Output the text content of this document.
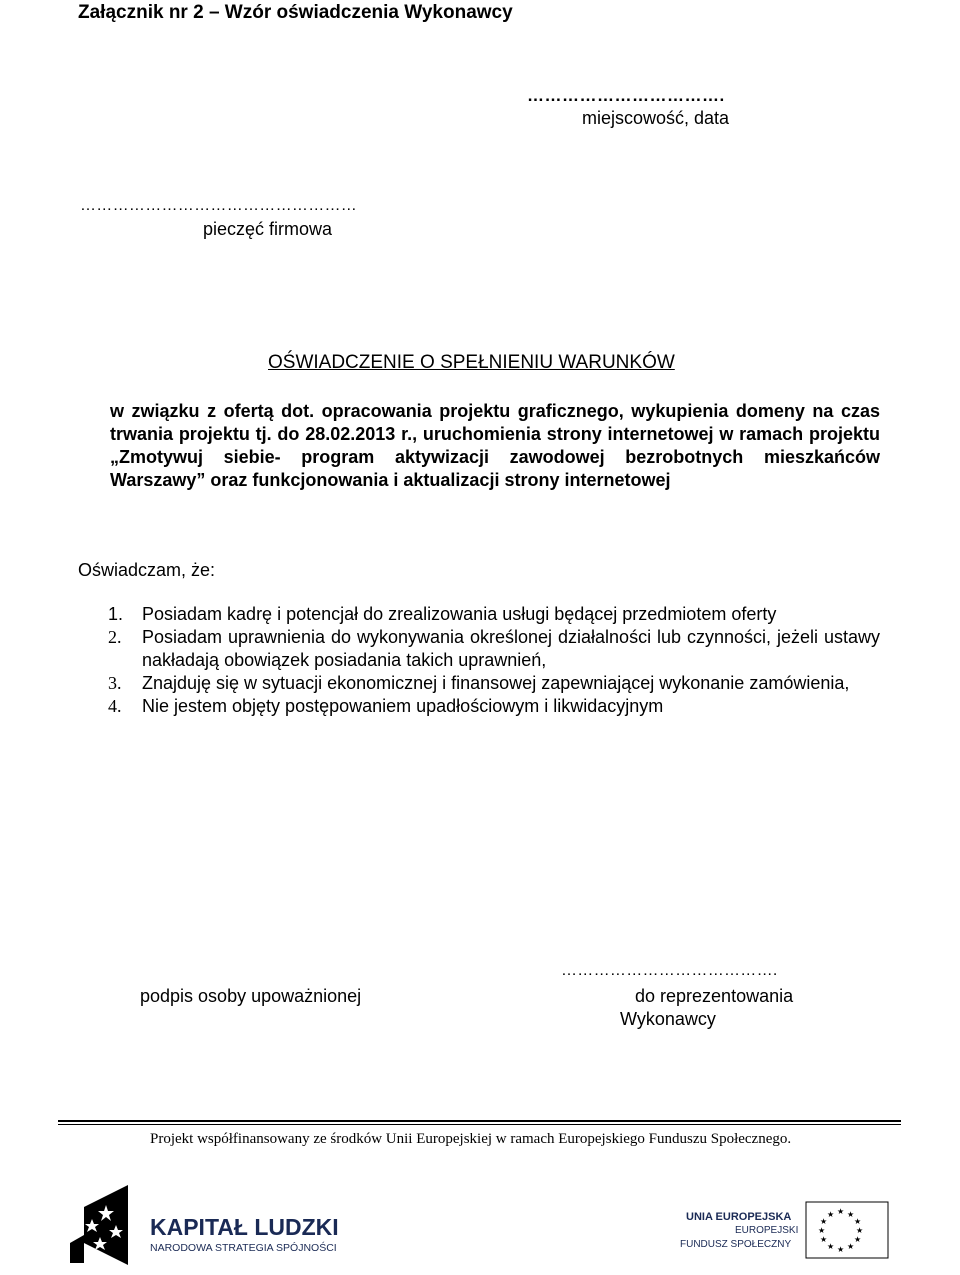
Załącznik nr 2 – Wzór oświadczenia Wykonawcy
…………………………….
miejscowość, data
……………………………………………
pieczęć firmowa
OŚWIADCZENIE O SPEŁNIENIU WARUNKÓW
w związku z ofertą dot. opracowania projektu graficznego, wykupienia domeny na czas trwania projektu tj. do 28.02.2013 r., uruchomienia strony internetowej w ramach projektu „Zmotywuj siebie- program aktywizacji zawodowej bezrobotnych mieszkańców Warszawy” oraz funkcjonowania i aktualizacji strony internetowej
Oświadczam, że:
1. Posiadam kadrę i potencjał do zrealizowania usługi będącej przedmiotem oferty
2. Posiadam uprawnienia do wykonywania określonej działalności lub czynności, jeżeli ustawy nakładają obowiązek posiadania takich uprawnień,
3. Znajduję się w sytuacji ekonomicznej i finansowej zapewniającej wykonanie zamówienia,
4. Nie jestem objęty postępowaniem upadłościowym i likwidacyjnym
podpis osoby upoważnionej
………………………………….
do reprezentowania
Wykonawcy
Projekt współfinansowany ze środków Unii Europejskiej w ramach Europejskiego Funduszu Społecznego.
KAPITAŁ LUDZKI
NARODOWA STRATEGIA SPÓJNOŚCI
UNIA EUROPEJSKA
EUROPEJSKI
FUNDUSZ SPOŁECZNY
★ ★
★
★
★
★
★
★
★
★
★
★
